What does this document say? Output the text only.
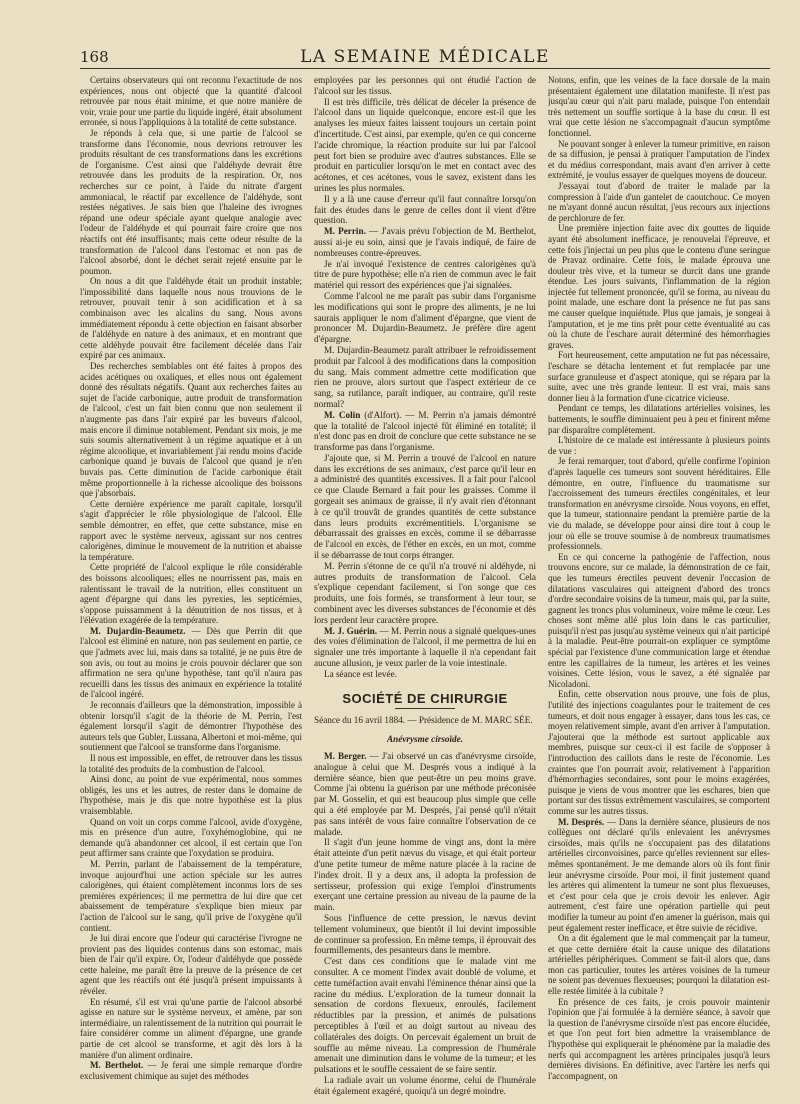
168	LA SEMAINE MÉDICALE

Certains observateurs qui ont reconnu l'exactitude de nos expériences, nous ont objecté que la quantité d'alcool retrouvée par nous était minime, et que notre manière de voir, vraie pour une partie du liquide ingéré, était absolument erronée, si nous l'appliquions à la totalité de cette substance.

Je réponds à cela que, si une partie de l'alcool se transforme dans l'économie, nous devrions retrouver les produits résultant de ces transformations dans les excrétions de l'organisme. C'est ainsi que l'aldéhyde devrait être retrouvée dans les produits de la respiration. Or, nos recherches sur ce point, à l'aide du nitrate d'argent ammoniacal, le réactif par excellence de l'aldéhyde, sont restées négatives. Je sais bien que l'haleine des ivrognes répand une odeur spéciale ayant quelque analogie avec l'odeur de l'aldéhyde et qui pourrait faire croire que nos réactifs ont été insuffisants; mais cette odeur résulte de la transformation de l'alcool dans l'estomac et non pas de l'alcool absorbé, dont le déchet serait rejeté ensuite par le poumon.

On nous a dit que l'aldéhyde était un produit instable; l'impossibilité dans laquelle nous nous trouvions de le retrouver, pouvait tenir à son acidification et à sa combinaison avec les alcalins du sang. Nous avons immédiatement répondu à cette objection en faisant absorber de l'aldéhyde en nature à des animaux, et en montrant que cette aldéhyde pouvait être facilement décelée dans l'air expiré par ces animaux.

Des recherches semblables ont été faites à propos des acides acétiques ou oxaliques, et elles nous ont également donné des résultats négatifs. Quant aux recherches faites au sujet de l'acide carbonique, autre produit de transformation de l'alcool, c'est un fait bien connu que non seulement il n'augmente pas dans l'air expiré par les buveurs d'alcool, mais encore il diminue notablement. Pendant six mois, je me suis soumis alternativement à un régime aquatique et à un régime alcoolique, et invariablement j'ai rendu moins d'acide carbonique quand je buvais de l'alcool que quand je n'en buvais pas. Cette diminution de l'acide carbonique était même proportionnelle à la richesse alcoolique des boissons que j'absorbais.

Cette dernière expérience me paraît capitale, lorsqu'il s'agit d'apprécier le rôle physiologique de l'alcool. Elle semble démontrer, en effet, que cette substance, mise en rapport avec le système nerveux, agissant sur nos centres calorigènes, diminue le mouvement de la nutrition et abaisse la température.

Cette propriété de l'alcool explique le rôle considérable des boissons alcooliques; elles ne nourrissent pas, mais en ralentissant le travail de la nutrition, elles constituent un agent d'épargne qui dans les pyrexies, les septicémies, s'oppose puissamment à la dénutrition de nos tissus, et à l'élévation exagérée de la température.

M. Dujardin-Beaumetz. — Dès que Perrin dit que l'alcool est éliminé en nature, non pas seulement en partie, ce que j'admets avec lui, mais dans sa totalité, je ne puis être de son avis, ou tout au moins je crois pouvoir déclarer que son affirmation ne sera qu'une hypothèse, tant qu'il n'aura pas recueilli dans les tissus des animaux en expérience la totalité de l'alcool ingéré.

Je reconnais d'ailleurs que la démonstration, impossible à obtenir lorsqu'il s'agit de la théorie de M. Perrin, l'est également lorsqu'il s'agit de démontrer l'hypothèse des auteurs tels que Gubler, Lussana, Albertoni et moi-même, qui soutiennent que l'alcool se transforme dans l'organisme.

Il nous est impossible, en effet, de retrouver dans les tissus la totalité des produits de la combustion de l'alcool.

Ainsi donc, au point de vue expérimental, nous sommes obligés, les uns et les autres, de rester dans le domaine de l'hypothèse, mais je dis que notre hypothèse est la plus vraisemblable.

Quand on voit un corps comme l'alcool, avide d'oxygène, mis en présence d'un autre, l'oxyhémoglobine, qui ne demande qu'à abandonner cet alcool, il est certain que l'on peut affirmer sans crainte que l'oxydation se produira.

M. Perrin, parlant de l'abaissement de la température, invoque aujourd'hui une action spéciale sur les autres calorigènes, qui étaient complètement inconnus lors de ses premières expériences; il me permettra de lui dire que cet abaissement de température s'explique bien mieux par l'action de l'alcool sur le sang, qu'il prive de l'oxygène qu'il contient.

Je lui dirai encore que l'odeur qui caractérise l'ivrogne ne provient pas des liquides contenus dans son estomac, mais bien de l'air qu'il expire. Or, l'odeur d'aldéhyde que possède cette haleine, me paraît être la preuve de la présence de cet agent que les réactifs ont été jusqu'à présent impuissants à révéler.

En résumé, s'il est vrai qu'une partie de l'alcool absorbé agisse en nature sur le système nerveux, et amène, par son intermédiaire, un ralentissement de la nutrition qui pourrait le faire considérer comme un aliment d'épargne, une grande partie de cet alcool se transforme, et agit dès lors à la manière d'un aliment ordinaire.

M. Berthelot. — Je ferai une simple remarque d'ordre exclusivement chimique au sujet des méthodes

employées par les personnes qui ont étudié l'action de l'alcool sur les tissus.

Il est très difficile, très délicat de déceler la présence de l'alcool dans un liquide quelconque, encore est-il que les analyses les mieux faites laissent toujours un certain point d'incertitude. C'est ainsi, par exemple, qu'en ce qui concerne l'acide chromique, la réaction produite sur lui par l'alcool peut fort bien se produire avec d'autres substances. Elle se produit en particulier lorsqu'on le met en contact avec des acétones, et ces acétones, vous le savez, existent dans les urines les plus normales.

Il y a là une cause d'erreur qu'il faut connaître lorsqu'on fait des études dans le genre de celles dont il vient d'être question.

M. Perrin. — J'avais prévu l'objection de M. Berthelot, aussi ai-je eu soin, ainsi que je l'avais indiqué, de faire de nombreuses contre-épreuves.

Je n'ai invoqué l'existence de centres calorigènes qu'à titre de pure hypothèse; elle n'a rien de commun avec le fait matériel qui ressort des expériences que j'ai signalées.

Comme l'alcool ne me paraît pas subir dans l'organisme les modifications qui sont le propre des aliments, je ne lui saurais appliquer le nom d'aliment d'épargne, que vient de prononcer M. Dujardin-Beaumetz. Je préfère dire agent d'épargne.

M. Dujardin-Beaumetz paraît attribuer le refroidissement produit par l'alcool à des modifications dans la composition du sang. Mais comment admettre cette modification que rien ne prouve, alors surtout que l'aspect extérieur de ce sang, sa rutilance, paraît indiquer, au contraire, qu'il reste normal?

M. Colin (d'Alfort). — M. Perrin n'a jamais démontré que la totalité de l'alcool injecté fût éliminé en totalité; il n'est donc pas en droit de conclure que cette substance ne se transforme pas dans l'organisme.

J'ajoute que, si M. Perrin a trouvé de l'alcool en nature dans les excrétions de ses animaux, c'est parce qu'il leur en a administré des quantités excessives. Il a fait pour l'alcool ce que Claude Bernard a fait pour les graisses. Comme il gorgeait ses animaux de graisse, il n'y avait rien d'étonnant à ce qu'il trouvât de grandes quantités de cette substance dans leurs produits excrémentitiels. L'organisme se débarrassait des graisses en excès, comme il se débarrasse de l'alcool en excès, de l'éther en excès, en un mot, comme il se débarrasse de tout corps étranger.

M. Perrin s'étonne de ce qu'il n'a trouvé ni aldéhyde, ni autres produits de transformation de l'alcool. Cela s'explique cependant facilement, si l'on songe que ces produits, une fois formés, se transforment à leur tour, se combinent avec les diverses substances de l'économie et dès lors perdent leur caractère propre.

M. J. Guérin. — M. Perrin nous a signalé quelques-unes des voies d'élimination de l'alcool, il me permettra de lui en signaler une très importante à laquelle il n'a cependant fait aucune allusion, je veux parler de la voie intestinale.

La séance est levée.

SOCIÉTÉ DE CHIRURGIE

Séance du 16 avril 1884. — Présidence de M. MARC SÉE.

Anévrysme cirsoïde.

M. Berger. — J'ai observé un cas d'anévrysme cirsoïde, analogue à celui que M. Després vous a indiqué à la dernière séance, bien que peut-être un peu moins grave. Comme j'ai obtenu la guérison par une méthode préconisée par M. Gosselin, et qui est beaucoup plus simple que celle qui a été employée par M. Després, j'ai pensé qu'il n'était pas sans intérêt de vous faire connaître l'observation de ce malade.

Il s'agit d'un jeune homme de vingt ans, dont la mère était atteinte d'un petit nævus du visage, et qui était porteur d'une petite tumeur de même nature placée à la racine de l'index droit. Il y a deux ans, il adopta la profession de sertisseur, profession qui exige l'emploi d'instruments exerçant une certaine pression au niveau de la paume de la main.

Sous l'influence de cette pression, le nævus devint tellement volumineux, que bientôt il lui devint impossible de continuer sa profession. En même temps, il éprouvait des fourmillements, des pesanteurs dans le membre.

C'est dans ces conditions que le malade vint me consulter. A ce moment l'index avait doublé de volume, et cette tuméfaction avait envahi l'éminence thénar ainsi que la racine du médius. L'exploration de la tumeur donnait la sensation de cordons flexueux, enroulés, facilement réductibles par la pression, et animés de pulsations perceptibles à l'œil et au doigt surtout au niveau des collatérales des doigts. On percevait également un bruit de souffle au même niveau. La compression de l'humérale amenait une diminution dans le volume de la tumeur; et les pulsations et le souffle cessaient de se faire sentir.

La radiale avait un volume énorme, celui de l'humérale était également exagéré, quoiqu'à un degré moindre.

Notons, enfin, que les veines de la face dorsale de la main présentaient également une dilatation manifeste. Il n'est pas jusqu'au cœur qui n'ait paru malade, puisque l'on entendait très nettement un souffle sortique à la base du cœur. Il est vrai que cette lésion ne s'accompagnait d'aucun symptôme fonctionnel.

Ne pouvant songer à enlever la tumeur primitive, en raison de sa diffusion, je pensai à pratiquer l'amputation de l'index et du médius correspondant, mais avant d'en arriver à cette extrémité, je voulus essayer de quelques moyens de douceur.

J'essayai tout d'abord de traiter le malade par la compression à l'aide d'un gantelet de caoutchouc. Ce moyen ne m'ayant donné aucun résultat, j'eus recours aux injections de perchlorure de fer.

Une première injection faite avec dix gouttes de liquide ayant été absolument inefficace, je renouvelai l'épreuve, et cette fois j'injectai un peu plus que le contenu d'une seringue de Pravaz ordinaire. Cette fois, le malade éprouva une douleur très vive, et la tumeur se durcit dans une grande étendue. Les jours suivants, l'inflammation de la région injectée fut tellement prononcée, qu'il se forma, au niveau du point malade, une eschare dont la présence ne fut pas sans me causer quelque inquiétude. Plus que jamais, je songeai à l'amputation, et je me tins prêt pour cette éventualité au cas où la chute de l'eschare aurait déterminé des hémorrhagies graves.

Fort heureusement, cette amputation ne fut pas nécessaire, l'eschare se détacha lentement et fut remplacée par une surface granuleuse et d'aspect atonique, qui se répara par la suite, avec une très grande lenteur. Il est vrai, mais sans donner lieu à la formation d'une cicatrice vicieuse.

Pendant ce temps, les dilatations artérielles voisines, les battements, le souffle diminuaient peu à peu et finirent même par disparaître complètement.

L'histoire de ce malade est intéressante à plusieurs points de vue :

Je ferai remarquer, tout d'abord, qu'elle confirme l'opinion d'après laquelle ces tumeurs sont souvent héréditaires. Elle démontre, en outre, l'influence du traumatisme sur l'accroissement des tumeurs érectiles congénitales, et leur transformation en anévrysme cirsoïde. Nous voyons, en effet, que la tumeur, stationnaire pendant la première partie de la vie du malade, se développe pour ainsi dire tout à coup le jour où elle se trouve soumise à de nombreux traumatismes professionnels.

En ce qui concerne la pathogénie de l'affection, nous trouvons encore, sur ce malade, la démonstration de ce fait, que les tumeurs érectiles peuvent devenir l'occasion de dilatations vasculaires qui atteignent d'abord des troncs d'ordre secondaire voisins de la tumeur, mais qui, par la suite, gagnent les troncs plus volumineux, voire même le cœur. Les choses sont même allé plus loin dans le cas particulier, puisqu'il n'est pas jusqu'au système veineux qui n'ait participé à la maladie. Peut-être pourrait-on expliquer ce symptôme spécial par l'existence d'une communication large et étendue entre les capillaires de la tumeur, les artères et les veines voisines. Cette lésion, vous le savez, a été signalée par Nicoladoni.

Enfin, cette observation nous prouve, une fois de plus, l'utilité des injections coagulantes pour le traitement de ces tumeurs, et doit nous engager à essayer, dans tous les cas, ce moyen relativement simple, avant d'en arriver à l'amputation. J'ajouterai que la méthode est surtout applicable aux membres, puisque sur ceux-ci il est facile de s'opposer à l'introduction des caillots dans le reste de l'économie. Les craintes que l'on pourrait avoir, relativement à l'apparition d'hémorrhagies secondaires, sont pour le moins exagérées, puisque je viens de vous montrer que les eschares, bien que portant sur des tissus extrêmement vasculaires, se comportent comme sur les autres tissus.

M. Després. — Dans la dernière séance, plusieurs de nos collègues ont déclaré qu'ils enlevaient les anévrysmes cirsoïdes, mais qu'ils ne s'occupaient pas des dilatations artérielles circonvoisines, parce qu'elles reviennent sur elles-mêmes spontanément. Je me demande alors où ils font finir leur anévrysme cirsoïde. Pour moi, il finit justement quand les artères qui alimentent la tumeur ne sont plus flexueuses, et c'est pour cela que je crois devoir les enlever. Agir autrement, c'est faire une opération partielle qui peut modifier la tumeur au point d'en amener la guérison, mais qui peut également rester inefficace, et être suivie de récidive.

On a dit également que le mal commençait par la tumeur, et que cette dernière était la cause unique des dilatations artérielles périphériques. Comment se fait-il alors que, dans mon cas particulier, toutes les artères voisines de la tumeur ne soient pas devenues flexueuses; pourquoi la dilatation est-elle restée limitée à la cubitale ?

En présence de ces faits, je crois pouvoir maintenir l'opinion que j'ai formulée à la dernière séance, à savoir que la question de l'anévrysme cirsoïde n'est pas encore élucidée, et que l'on peut fort bien admettre la vraisemblance de l'hypothèse qui expliquerait le phénomène par la maladie des nerfs qui accompagnent les artères principales jusqu'à leurs dernières divisions. En définitive, avec l'artère les nerfs qui l'accompagnent, on
